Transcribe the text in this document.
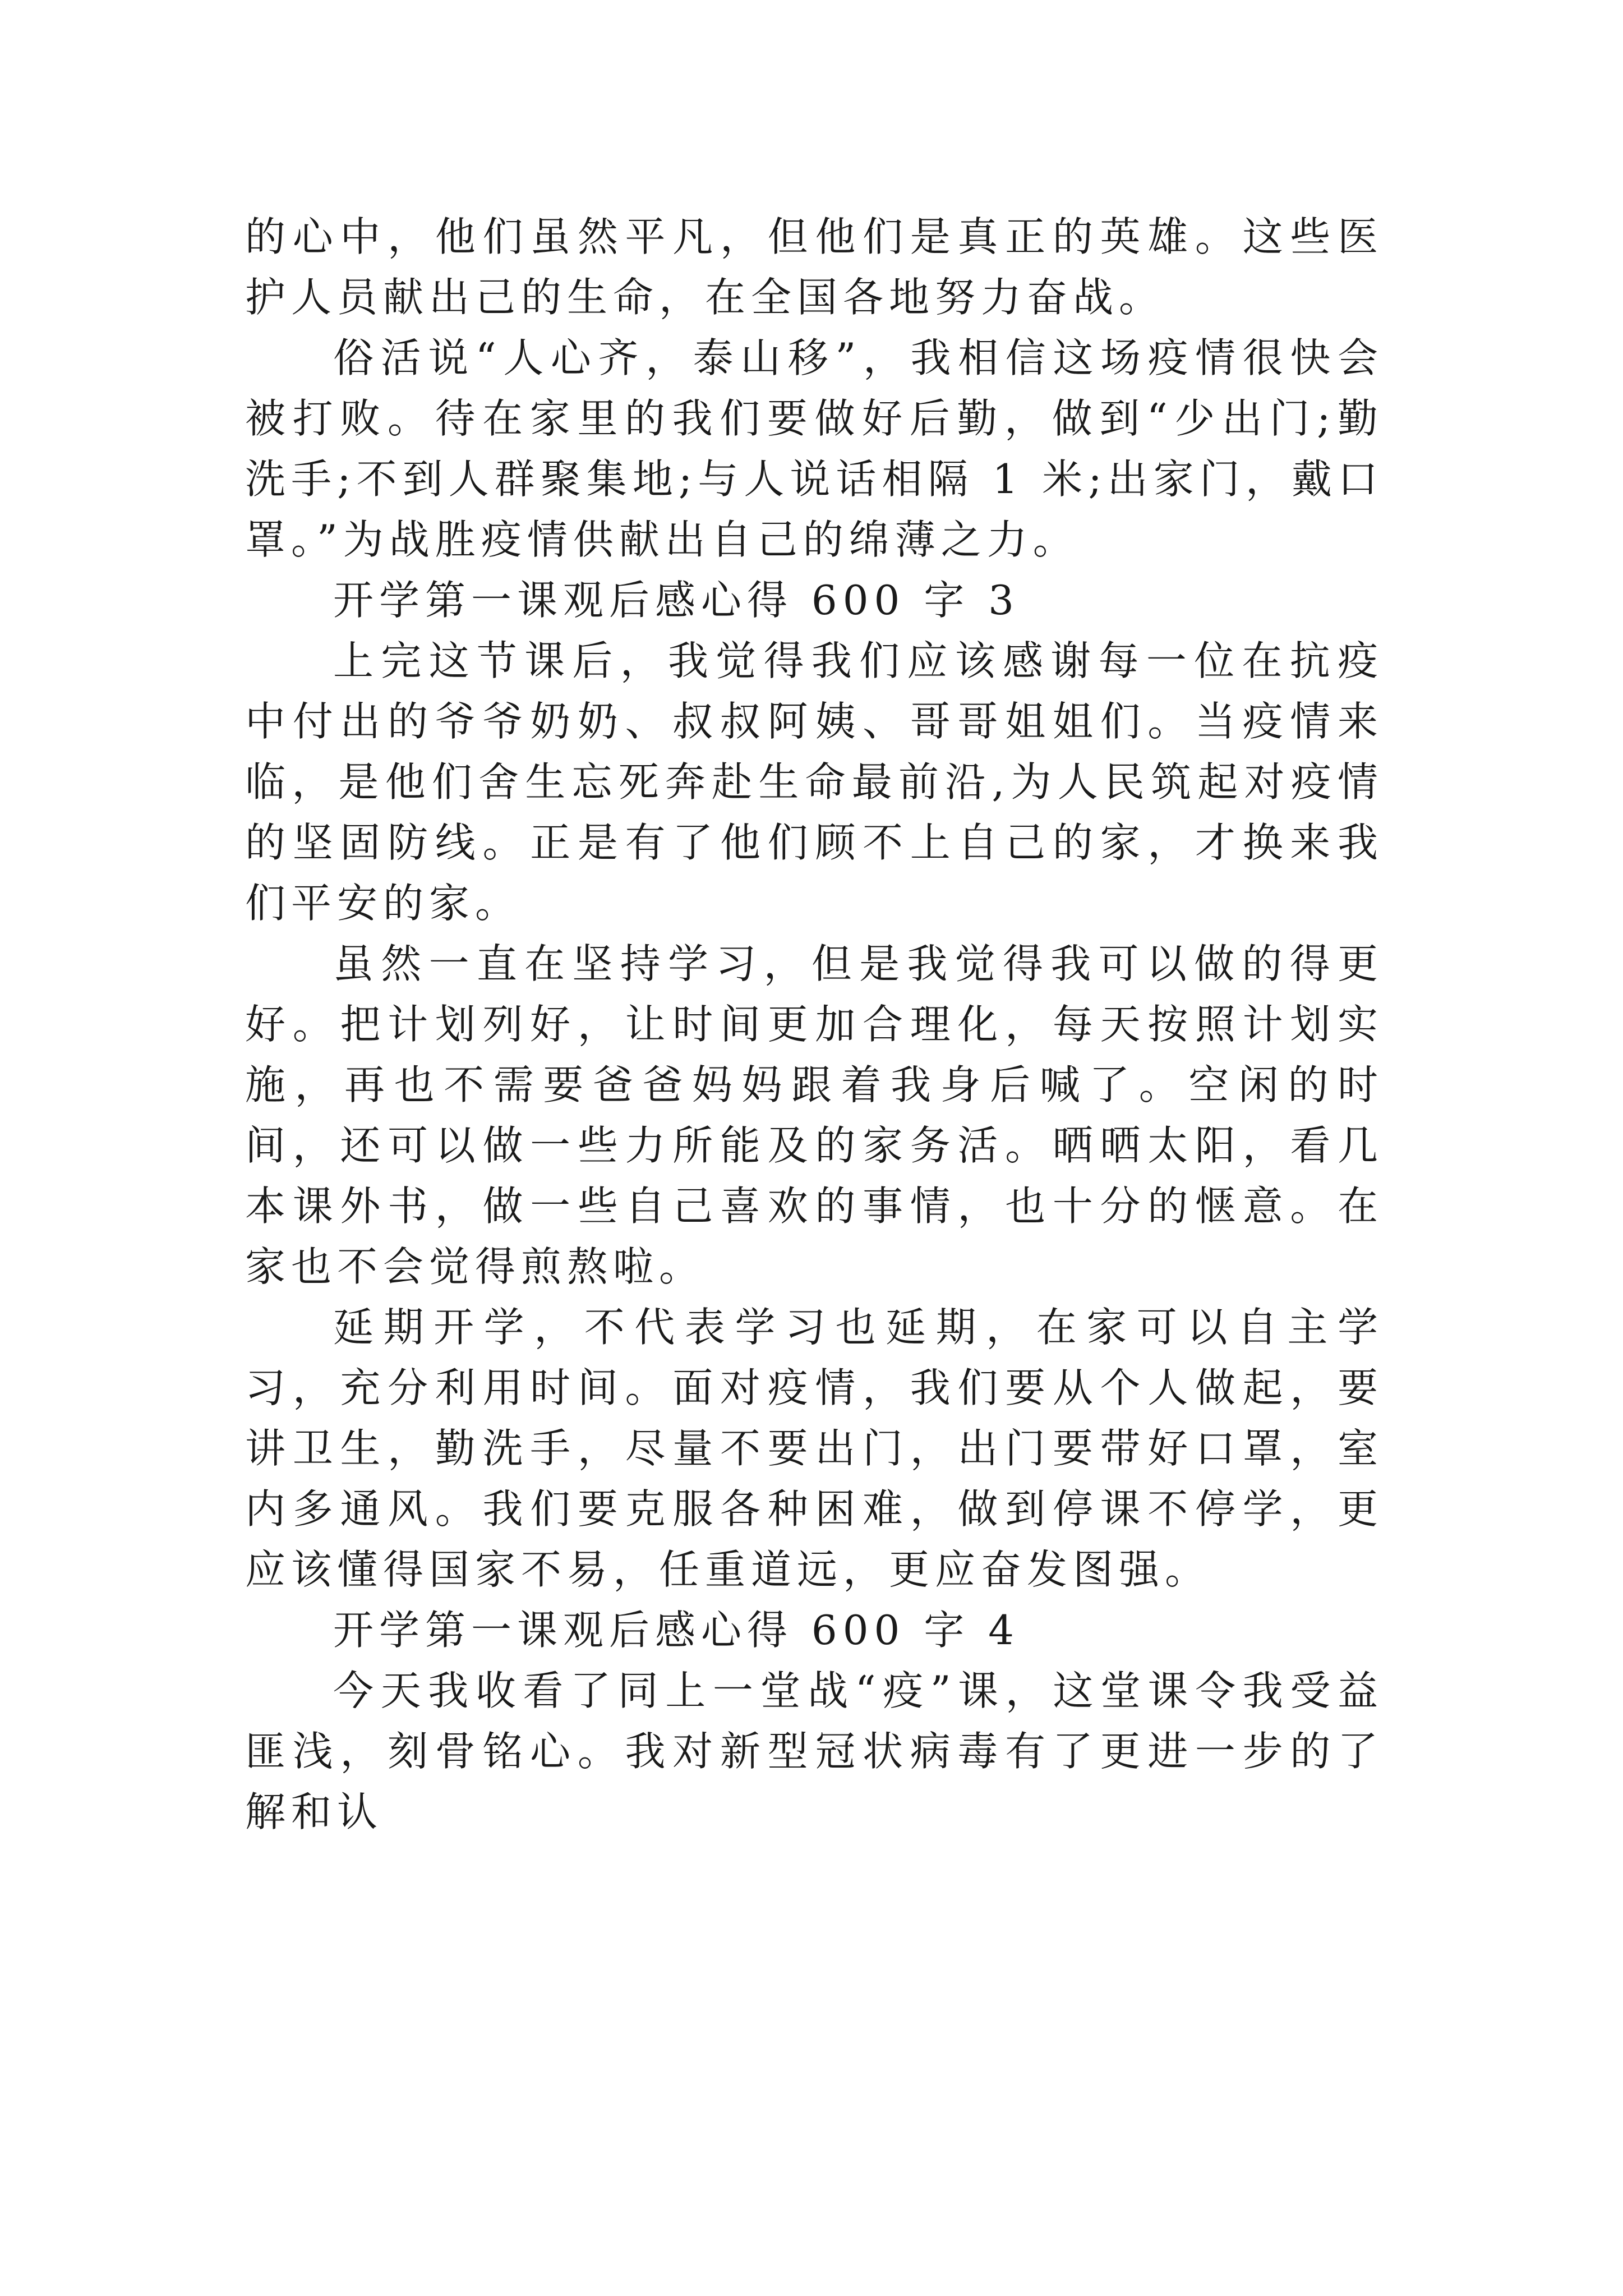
的心中，他们虽然平凡，但他们是真正的英雄。这些医护人员献出己的生命，在全国各地努力奋战。

俗活说“人心齐，泰山移”，我相信这场疫情很快会被打败。待在家里的我们要做好后勤，做到“少出门;勤洗手;不到人群聚集地;与人说话相隔 1 米;出家门，戴口罩。”为战胜疫情供献出自己的绵薄之力。

开学第一课观后感心得 600 字 3

上完这节课后，我觉得我们应该感谢每一位在抗疫中付出的爷爷奶奶、叔叔阿姨、哥哥姐姐们。当疫情来临，是他们舍生忘死奔赴生命最前沿,为人民筑起对疫情的坚固防线。正是有了他们顾不上自己的家，才换来我们平安的家。

虽然一直在坚持学习，但是我觉得我可以做的得更好。把计划列好，让时间更加合理化，每天按照计划实施，再也不需要爸爸妈妈跟着我身后喊了。空闲的时间，还可以做一些力所能及的家务活。晒晒太阳，看几本课外书，做一些自己喜欢的事情，也十分的惬意。在家也不会觉得煎熬啦。

延期开学，不代表学习也延期，在家可以自主学习，充分利用时间。面对疫情，我们要从个人做起，要讲卫生，勤洗手，尽量不要出门，出门要带好口罩，室内多通风。我们要克服各种困难，做到停课不停学，更应该懂得国家不易，任重道远，更应奋发图强。

开学第一课观后感心得 600 字 4

今天我收看了同上一堂战“疫”课，这堂课令我受益匪浅，刻骨铭心。我对新型冠状病毒有了更进一步的了解和认
